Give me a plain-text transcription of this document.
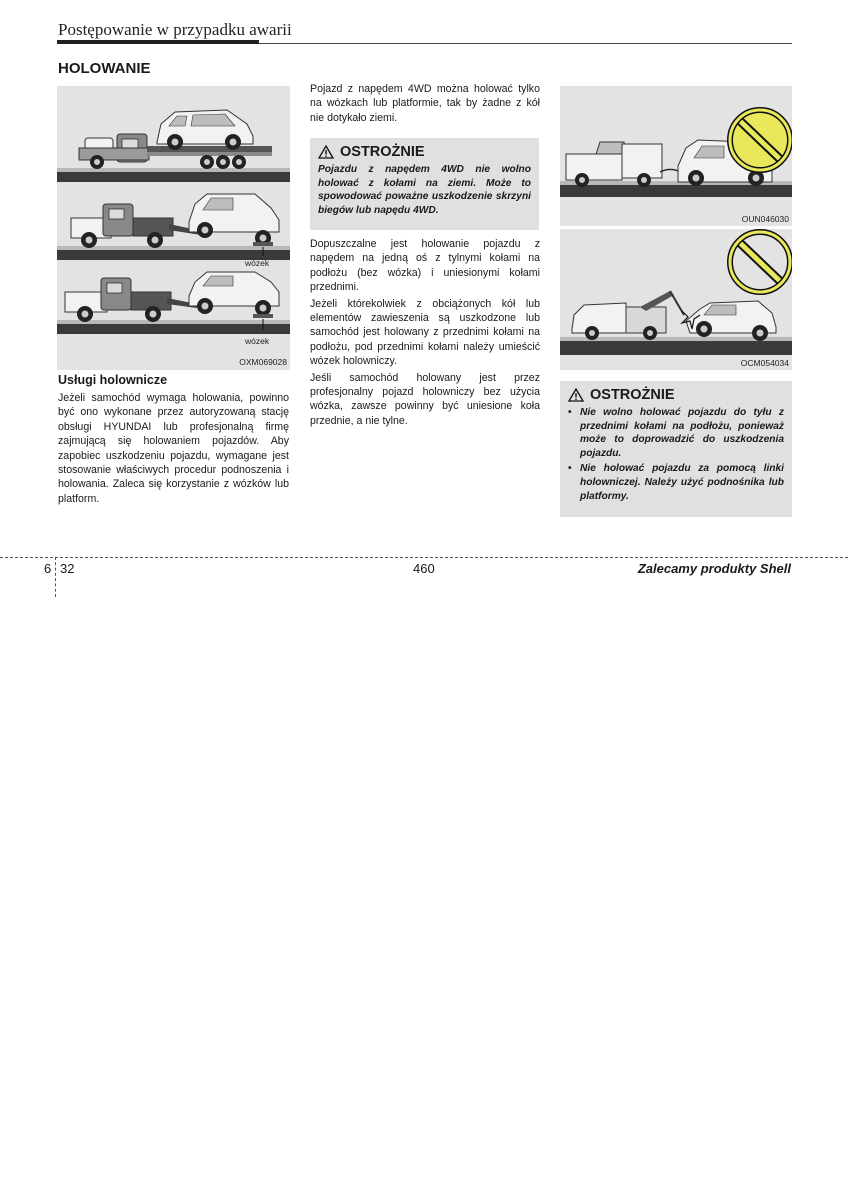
Postępowanie w przypadku awarii
HOLOWANIE
wózek
wózek
OXM069028
Usługi holownicze

Jeżeli samochód wymaga holowania, powinno być ono wykonane przez autoryzowaną stację obsługi HYUNDAI lub profesjonalną firmę zajmującą się holowaniem pojazdów. Aby zapobiec uszkodzeniu pojazdu, wymagane jest stosowanie właściwych procedur podnoszenia i holowania. Zaleca się korzystanie z wózków lub platform.

Pojazd z napędem 4WD można holować tylko na wózkach lub platformie, tak by żadne z kół nie dotykało ziemi.

OSTROŻNIE
Pojazdu z napędem 4WD nie wolno holować z kołami na ziemi. Może to spowodować poważne uszkodzenie skrzyni biegów lub napędu 4WD.

Dopuszczalne jest holowanie pojazdu z napędem na jedną oś z tylnymi kołami na podłożu (bez wózka) i uniesionymi kołami przednimi.

Jeżeli którekolwiek z obciążonych kół lub elementów zawieszenia są uszkodzone lub samochód jest holowany z przednimi kołami na podłożu, pod przednimi kołami należy umieścić wózek holowniczy.

Jeśli samochód holowany jest przez profesjonalny pojazd holowniczy bez użycia wózka, zawsze powinny być uniesione koła przednie, a nie tylne.

OUN046030
OCM054034
OSTROŻNIE
• Nie wolno holować pojazdu do tyłu z przednimi kołami na podłożu, ponieważ może to doprowadzić do uszkodzenia pojazdu.
• Nie holować pojazdu za pomocą linki holowniczej. Należy użyć podnośnika lub platformy.
6 32	460	Zalecamy produkty Shell
